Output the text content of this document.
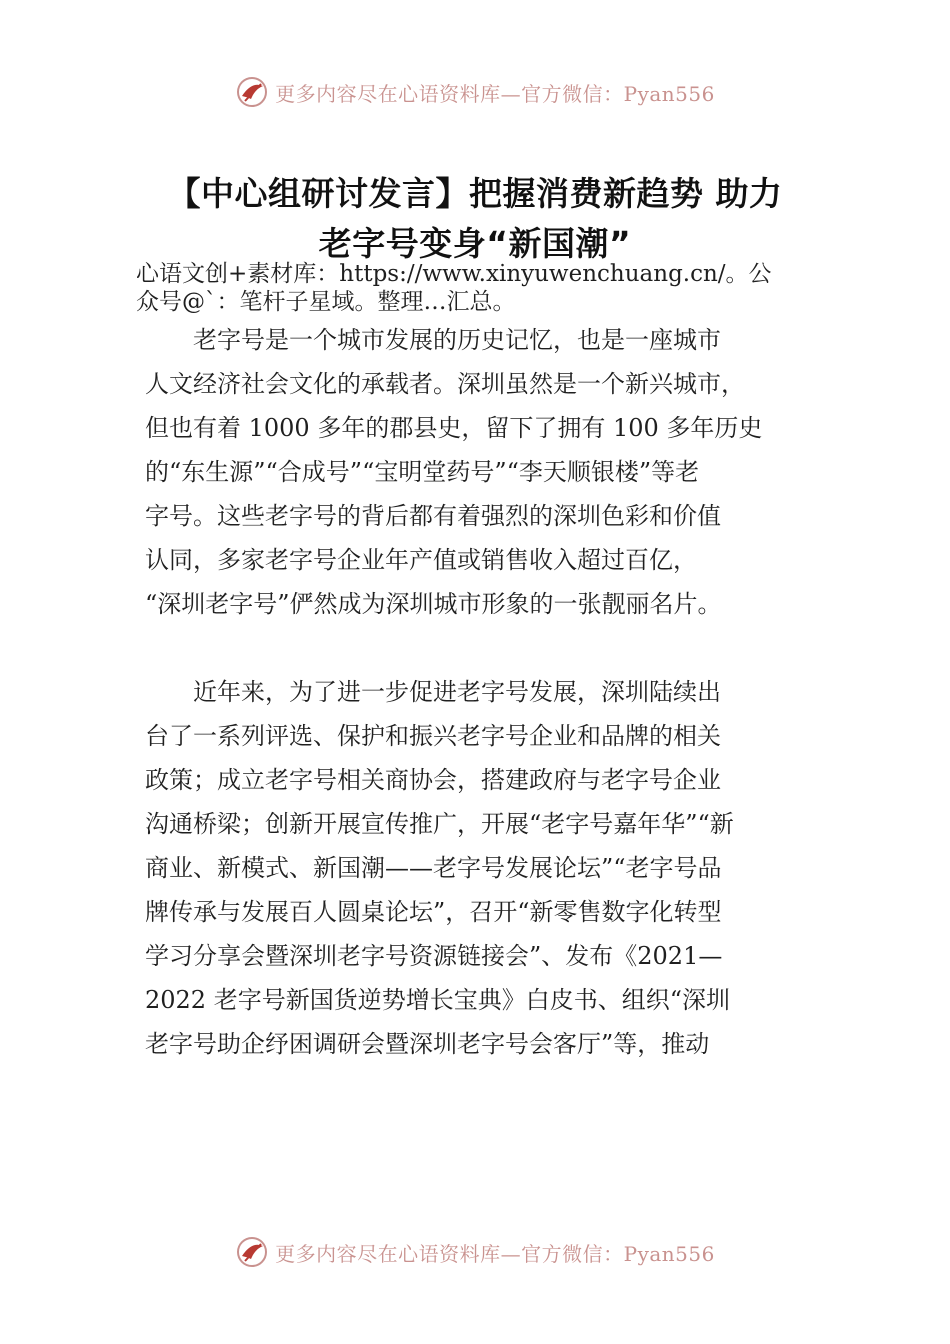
更多内容尽在心语资料库—官方微信：Pyan556
【中心组研讨发言】把握消费新趋势 助力
老字号变身“新国潮”
心语文创+素材库：https://www.xinyuwenchuang.cn/。公
众号@`：笔杆子星域。整理…汇总。
　　老字号是一个城市发展的历史记忆，也是一座城市
人文经济社会文化的承载者。深圳虽然是一个新兴城市，
但也有着 1000 多年的郡县史，留下了拥有 100 多年历史
的“东生源”“合成号”“宝明堂药号”“李天顺银楼”等老
字号。这些老字号的背后都有着强烈的深圳色彩和价值
认同，多家老字号企业年产值或销售收入超过百亿，
“深圳老字号”俨然成为深圳城市形象的一张靓丽名片。
　　近年来，为了进一步促进老字号发展，深圳陆续出
台了一系列评选、保护和振兴老字号企业和品牌的相关
政策；成立老字号相关商协会，搭建政府与老字号企业
沟通桥梁；创新开展宣传推广，开展“老字号嘉年华”“新
商业、新模式、新国潮——老字号发展论坛”“老字号品
牌传承与发展百人圆桌论坛”，召开“新零售数字化转型
学习分享会暨深圳老字号资源链接会”、发布《2021—
2022 老字号新国货逆势增长宝典》白皮书、组织“深圳
老字号助企纾困调研会暨深圳老字号会客厅”等，推动
更多内容尽在心语资料库—官方微信：Pyan556
